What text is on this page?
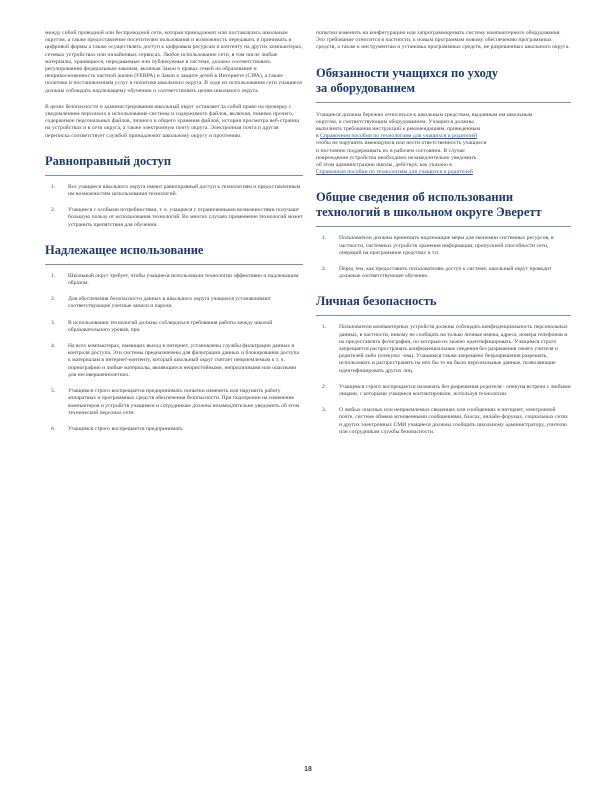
между собой проводной или беспроводной сети, которая принадлежит или поставлялась школьным округом, а также предоставление посетителям пользования и возможность передавать и принимать и цифровой формы а также осуществлять доступ к цифровым ресурсам и контенту на других компьютерах, сетевых устройствах или онлайновых сервисах. Любое использование сети, в том числе любые материалы, хранящиеся, передаваемые или публикуемые в системе, должно соответствовать регулированию федеральным законам, включая Закон о правах семей на образование и неприкосновенность частной жизни (FERPA) и Закон о защите детей в Интернете (CIPA), а также политике и постановлениям услуг и политике школьного округа. В ходе их использования сети учащиеся должны соблюдать надлежащему обучению и соответствовать целям школьного округа.

В целях безопасности и администрирования школьный округ оставляет за собой право на проверку с уведомлением персонала и использование системы и содержимого файлов, включая, помимо прочего, содержимое персональных файлов, личного и общего хранения файлов, история просмотра веб-страниц на устройствах и в сети округа, а также электронную почту округа. Электронная почта и другая переписка соответствует службой принадлежит школьному округу и прочтению.

Равноправный доступ
1.	Все учащиеся школьного округа имеют равноправный доступ к технологиям и предоставленным им возможностям использования технологий.
2.	Учащиеся с особыми потребностями, т. е. учащиеся с ограниченными возможностями получают большую пользу от использования технологий. Во многих случаях применение технологий может устранить препятствия для обучения.
Надлежащее использование
1.	Школьный округ требует, чтобы учащиеся использовали технологии эффективно и надлежащим образом.
2.	Для обеспечения безопасности данных в школьного округа учащиеся устанавливают соответствующие учетные записи и пароли.
3.	В использовании технологий должны соблюдаться требования работы между школой образовательного уровня, при.
4.	На всех компьютерах, имеющих выход в интернет, установлены службы фильтрации данных и контроля доступа. Эти системы предназначены для фильтрации данных и блокирования доступа к материалам в интернет-контенту, который школьный округ считает неприемлемым к т. ч. порнографию и любые материалы, являющиеся непристойными, неприличными или опасными для несовершеннолетних.
5.	Учащимся строго воспрещается предпринимать попытки изменить или нарушить работу аппаратных и программных средств обеспечения безопасности. При подозрении на изменение компьютеров и устройств учащимся и сотрудникам должны незамедлительно уведомить об этом технический персонал сети.
6.	Учащимся строго воспрещается предпринимать

попытки изменить на конфигурацию или запрограммировать систему компьютерного оборудования. Это требование относится в частности, к новым программам новому обеспечению программных средств, а также к инструментам и установка программных средств, не разрешенных школьного округа.

Обязанности учащихся по уходу
за оборудованием

Учащиеся должны бережно относиться к школьным средствам, выданным им школьным
округом, и соответствующим оборудованием. Учащиеся должны
выполнять требования инструкций к рекомендациям, приведенным
в Справочном пособии по технологиям для учащихся и родителей
чтобы не нарушить имеющуюся или нести ответственность учащиеся
и постоянно поддерживать их в рабочем состоянии. В случае
повреждения устройства необходимо незамедлительно уведомить
об этом администрацию школы, действуя, как указано в
Справочном пособии по технологиям для учащихся и родителей

Общие сведения об использовании
технологий в школьном округе Эверетт
1.	Пользователи должны принимать надлежащие меры для экономии системных ресурсов, в частности, системных устройств хранения информации, пропускной способности сети, операций на программное средствах и т.п.
2.	Перед тем, как предоставить пользователям доступ к системе, школьный округ проводит должные соответствующее обучение.
Личная безопасность
1.	Пользователи компьютерных устройств должны соблюдать конфиденциальность персональных данных, в частности, никому не сообщать на только личные имена, адреса, номера телефонов и на предоставлять фотографии, по которым их можно идентифицировать. Учащимся строго запрещается распространять конфиденциальные сведения без разрешения своего учителя и родителей либо (опекуна/ -ова). Учащимся также запрещено безразрешения разрешать, использовать и распространять на них бы то ни было персональные данные, позволяющие идентифицировать других лиц.
2.	Учащимся строго воспрещается назначать без разрешения родителя - опекуна встречи с любыми лицами, с которыми учащиеся контактировали, используя технологии.
3.	О любых опасных или неприемлемых сведениях или сообщениях в интернет, электронной почте, системе обмена мгновенными сообщениями, блогах, онлайн-форумах, социальных сетях и других электронных СМИ учащиеся должны сообщить школьному администратору, учителю или сотрудникам службы безопасности.
18
